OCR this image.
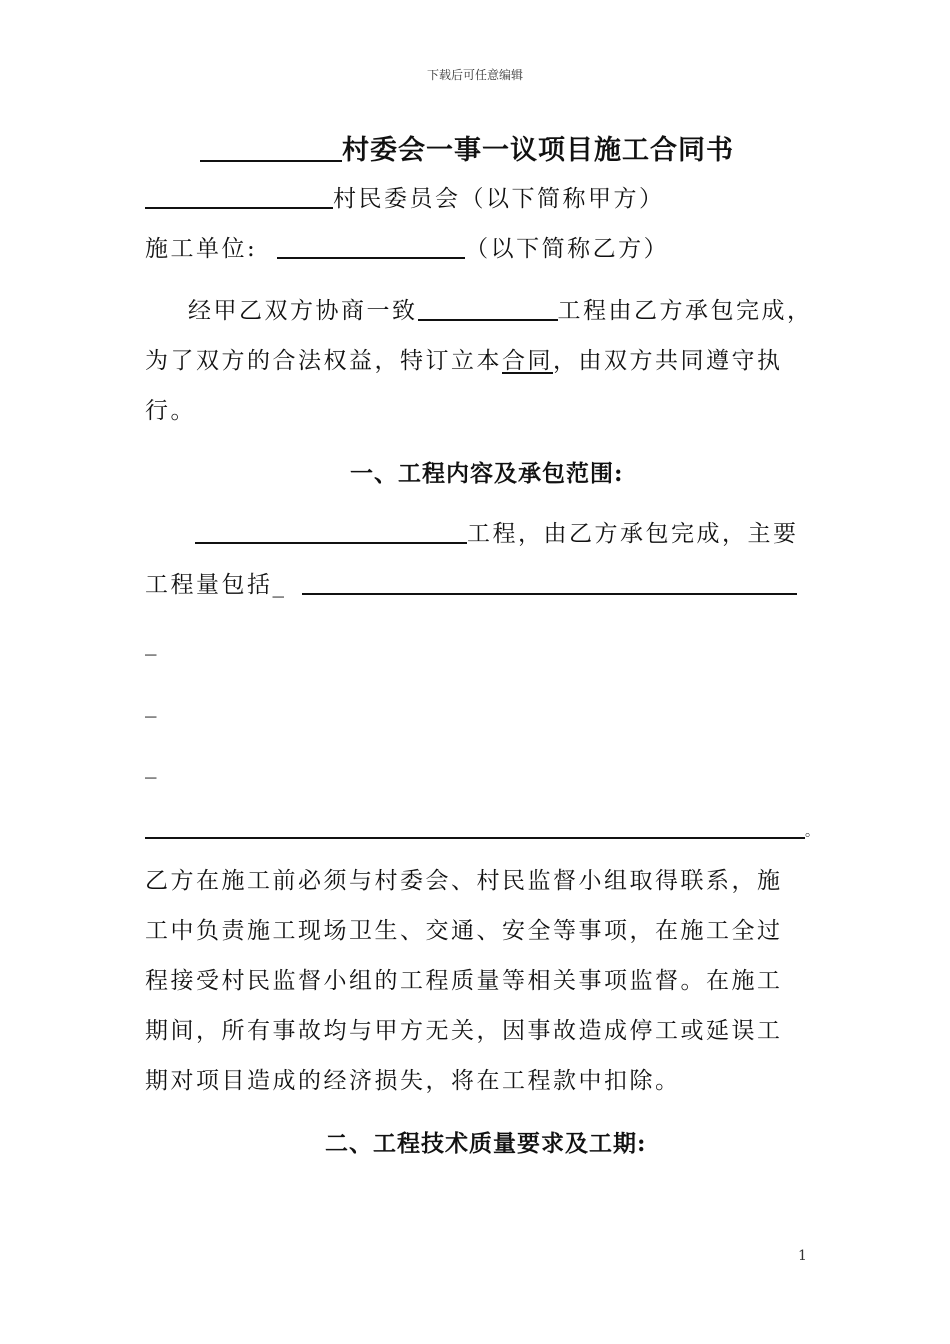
下载后可任意编辑
村委会一事一议项目施工合同书
村民委员会（以下简称甲方）
施工单位:	（以下简称乙方）
经甲乙双方协商一致	工程由乙方承包完成，
为了双方的合法权益，特订立本合同，由双方共同遵守执
行。
一、工程内容及承包范围:
工程，由乙方承包完成，主要
工程量包括_
_
_
_
。
乙方在施工前必须与村委会、村民监督小组取得联系，施
工中负责施工现场卫生、交通、安全等事项，在施工全过
程接受村民监督小组的工程质量等相关事项监督。在施工
期间，所有事故均与甲方无关，因事故造成停工或延误工
期对项目造成的经济损失，将在工程款中扣除。
二、工程技术质量要求及工期:
1
